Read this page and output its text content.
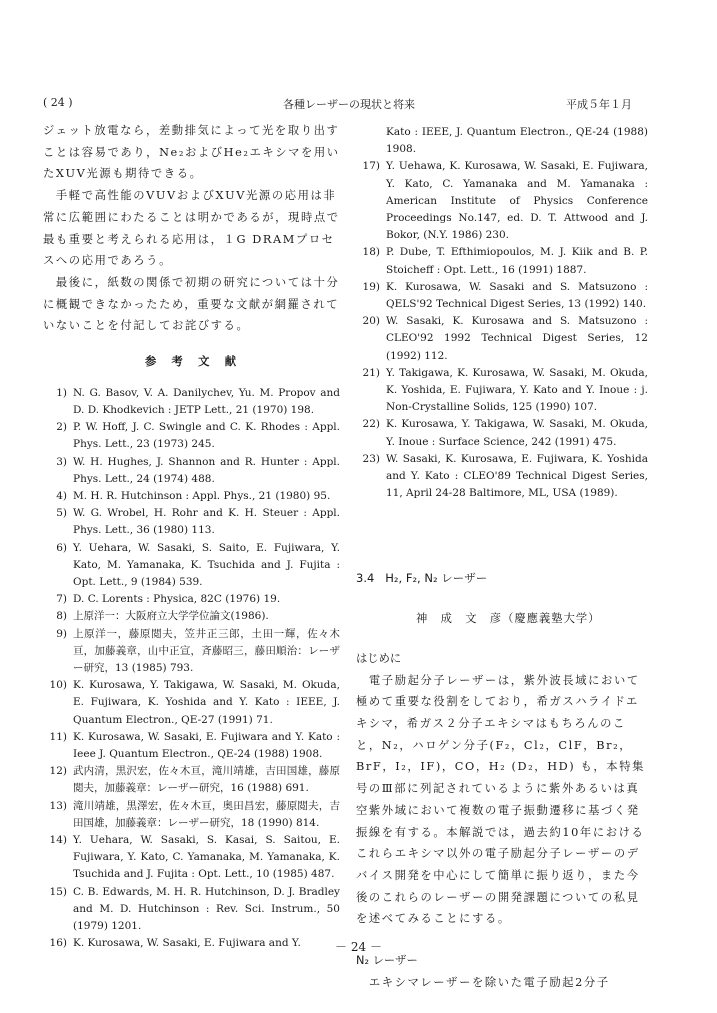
( 24 )	各種レーザーの現状と将来	平成５年１月
ジェット放電なら，差動排気によって光を取り出すことは容易であり，Ne₂およびHe₂エキシマを用いたXUV光源も期待できる。
　手軽で高性能のVUVおよびXUV光源の応用は非常に広範囲にわたることは明かであるが，現時点で最も重要と考えられる応用は，１G DRAMプロセスへの応用であろう。
　最後に，紙数の関係で初期の研究については十分に概観できなかったため，重要な文献が網羅されていないことを付記してお詫びする。
参　考　文　献
1) N. G. Basov, V. A. Danilychev, Yu. M. Propov and D. D. Khodkevich : JETP Lett., 21 (1970) 198.
2) P. W. Hoff, J. C. Swingle and C. K. Rhodes : Appl. Phys. Lett., 23 (1973) 245.
3) W. H. Hughes, J. Shannon and R. Hunter : Appl. Phys. Lett., 24 (1974) 488.
4) M. H. R. Hutchinson : Appl. Phys., 21 (1980) 95.
5) W. G. Wrobel, H. Rohr and K. H. Steuer : Appl. Phys. Lett., 36 (1980) 113.
6) Y. Uehara, W. Sasaki, S. Saito, E. Fujiwara, Y. Kato, M. Yamanaka, K. Tsuchida and J. Fujita : Opt. Lett., 9 (1984) 539.
7) D. C. Lorents : Physica, 82C (1976) 19.
8) 上原洋一：大阪府立大学学位論文(1986).
9) 上原洋一，藤原閲夫，笠井正三郎，土田一輝，佐々木亘，加藤義章，山中正宣，斉藤昭三，藤田順治：レーザー研究，13 (1985) 793.
10) K. Kurosawa, Y. Takigawa, W. Sasaki, M. Okuda, E. Fujiwara, K. Yoshida and Y. Kato : IEEE, J. Quantum Electron., QE-27 (1991) 71.
11) K. Kurosawa, W. Sasaki, E. Fujiwara and Y. Kato : Ieee J. Quantum Electron., QE-24 (1988) 1908.
12) 武内清，黒沢宏，佐々木亘，滝川靖雄，吉田国雄，藤原閲夫，加藤義章：レーザー研究，16 (1988) 691.
13) 滝川靖雄，黒澤宏，佐々木亘，奥田昌宏，藤原閲夫，吉田国雄，加藤義章：レーザー研究，18 (1990) 814.
14) Y. Uehara, W. Sasaki, S. Kasai, S. Saitou, E. Fujiwara, Y. Kato, C. Yamanaka, M. Yamanaka, K. Tsuchida and J. Fujita : Opt. Lett., 10 (1985) 487.
15) C. B. Edwards, M. H. R. Hutchinson, D. J. Bradley and M. D. Hutchinson : Rev. Sci. Instrum., 50 (1979) 1201.
16) K. Kurosawa, W. Sasaki, E. Fujiwara and Y.
Kato : IEEE, J. Quantum Electron., QE-24 (1988) 1908.
17) Y. Uehawa, K. Kurosawa, W. Sasaki, E. Fujiwara, Y. Kato, C. Yamanaka and M. Yamanaka : American Institute of Physics Conference Proceedings No.147, ed. D. T. Attwood and J. Bokor, (N.Y. 1986) 230.
18) P. Dube, T. Efthimiopoulos, M. J. Kiik and B. P. Stoicheff : Opt. Lett., 16 (1991) 1887.
19) K. Kurosawa, W. Sasaki and S. Matsuzono : QELS'92 Technical Digest Series, 13 (1992) 140.
20) W. Sasaki, K. Kurosawa and S. Matsuzono : CLEO'92 1992 Technical Digest Series, 12 (1992) 112.
21) Y. Takigawa, K. Kurosawa, W. Sasaki, M. Okuda, K. Yoshida, E. Fujiwara, Y. Kato and Y. Inoue : j. Non-Crystalline Solids, 125 (1990) 107.
22) K. Kurosawa, Y. Takigawa, W. Sasaki, M. Okuda, Y. Inoue : Surface Science, 242 (1991) 475.
23) W. Sasaki, K. Kurosawa, E. Fujiwara, K. Yoshida and Y. Kato : CLEO'89 Technical Digest Series, 11, April 24-28 Baltimore, ML, USA (1989).
3.4 H₂, F₂, N₂ レーザー
神　成　文　彦（慶應義塾大学）
はじめに
　電子励起分子レーザーは，紫外波長域において極めて重要な役割をしており，希ガスハライドエキシマ，希ガス２分子エキシマはもちろんのこと，N₂，ハロゲン分子(F₂，Cl₂，ClF，Br₂，BrF，I₂，IF)，CO，H₂ (D₂，HD) も，本特集号のⅢ部に列記されているように紫外あるいは真空紫外域において複数の電子振動遷移に基づく発振線を有する。本解説では，過去約10年におけるこれらエキシマ以外の電子励起分子レーザーのデバイス開発を中心にして簡単に振り返り，また今後のこれらのレーザーの開発課題についての私見を述べてみることにする。
N₂ レーザー
　エキシマレーザーを除いた電子励起2分子
－ 24 －
